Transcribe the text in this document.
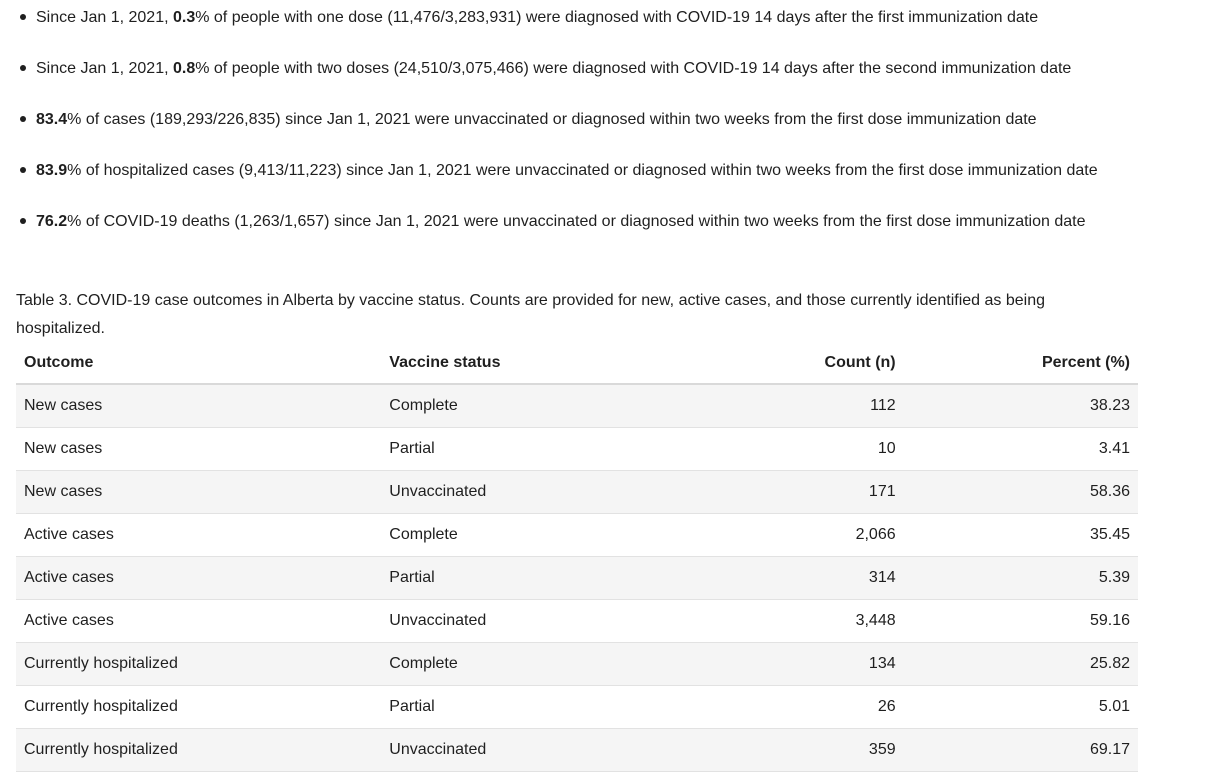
Since Jan 1, 2021, 0.3% of people with one dose (11,476/3,283,931) were diagnosed with COVID-19 14 days after the first immunization date
Since Jan 1, 2021, 0.8% of people with two doses (24,510/3,075,466) were diagnosed with COVID-19 14 days after the second immunization date
83.4% of cases (189,293/226,835) since Jan 1, 2021 were unvaccinated or diagnosed within two weeks from the first dose immunization date
83.9% of hospitalized cases (9,413/11,223) since Jan 1, 2021 were unvaccinated or diagnosed within two weeks from the first dose immunization date
76.2% of COVID-19 deaths (1,263/1,657) since Jan 1, 2021 were unvaccinated or diagnosed within two weeks from the first dose immunization date
Table 3. COVID-19 case outcomes in Alberta by vaccine status. Counts are provided for new, active cases, and those currently identified as being hospitalized.
Outcome	Vaccine status	Count (n)	Percent (%)
New cases	Complete	112	38.23
New cases	Partial	10	3.41
New cases	Unvaccinated	171	58.36
Active cases	Complete	2,066	35.45
Active cases	Partial	314	5.39
Active cases	Unvaccinated	3,448	59.16
Currently hospitalized	Complete	134	25.82
Currently hospitalized	Partial	26	5.01
Currently hospitalized	Unvaccinated	359	69.17
